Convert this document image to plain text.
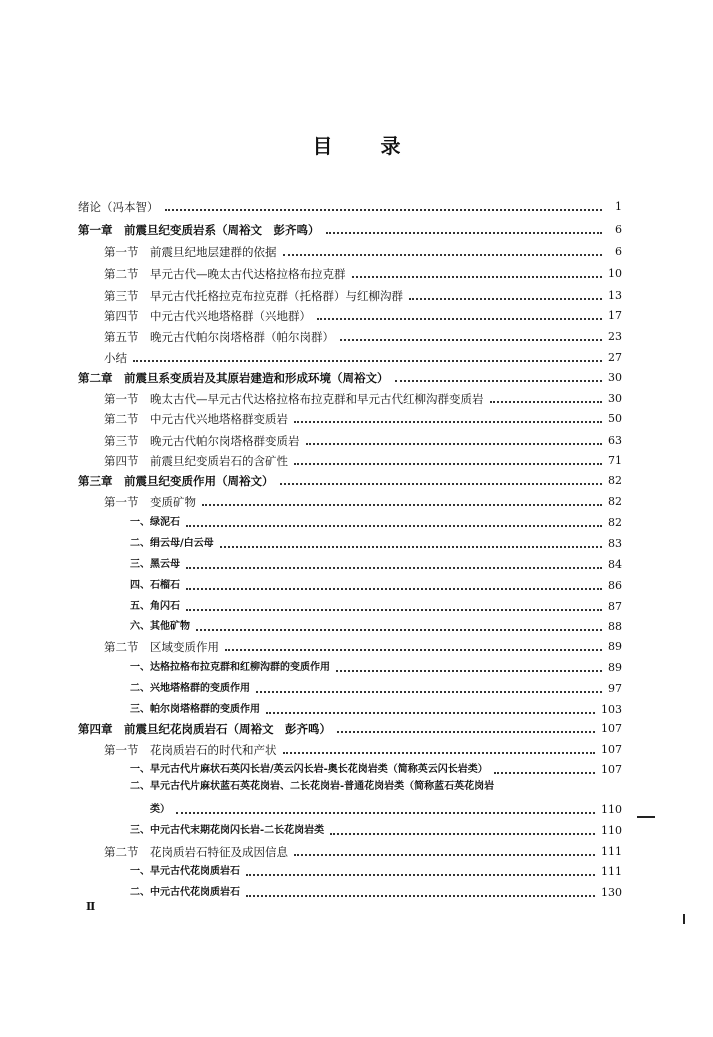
目 录
绪论（冯本智）	1
第一章　前震旦纪变质岩系（周裕文　彭齐鸣）	6
第一节　前震旦纪地层建群的依据	6
第二节　早元古代—晚太古代达格拉格布拉克群	10
第三节　早元古代托格拉克布拉克群（托格群）与红柳沟群	13
第四节　中元古代兴地塔格群（兴地群）	17
第五节　晚元古代帕尔岗塔格群（帕尔岗群）	23
小结	27
第二章　前震旦系变质岩及其原岩建造和形成环境（周裕文）	30
第一节　晚太古代—早元古代达格拉格布拉克群和早元古代红柳沟群变质岩	30
第二节　中元古代兴地塔格群变质岩	50
第三节　晚元古代帕尔岗塔格群变质岩	63
第四节　前震旦纪变质岩石的含矿性	71
第三章　前震旦纪变质作用（周裕文）	82
第一节　变质矿物	82
一、绿泥石	82
二、绢云母/白云母	83
三、黑云母	84
四、石榴石	86
五、角闪石	87
六、其他矿物	88
第二节　区域变质作用	89
一、达格拉格布拉克群和红柳沟群的变质作用	89
二、兴地塔格群的变质作用	97
三、帕尔岗塔格群的变质作用	103
第四章　前震旦纪花岗质岩石（周裕文　彭齐鸣）	107
第一节　花岗质岩石的时代和产状	107
一、早元古代片麻状石英闪长岩/英云闪长岩-奥长花岗岩类（简称英云闪长岩类）	107
二、早元古代片麻状蓝石英花岗岩、二长花岗岩-普通花岗岩类（简称蓝石英花岗岩
类）	110
三、中元古代末期花岗闪长岩-二长花岗岩类	110
第二节　花岗质岩石特征及成因信息	111
一、早元古代花岗质岩石	111
二、中元古代花岗质岩石	130
Ⅱ
